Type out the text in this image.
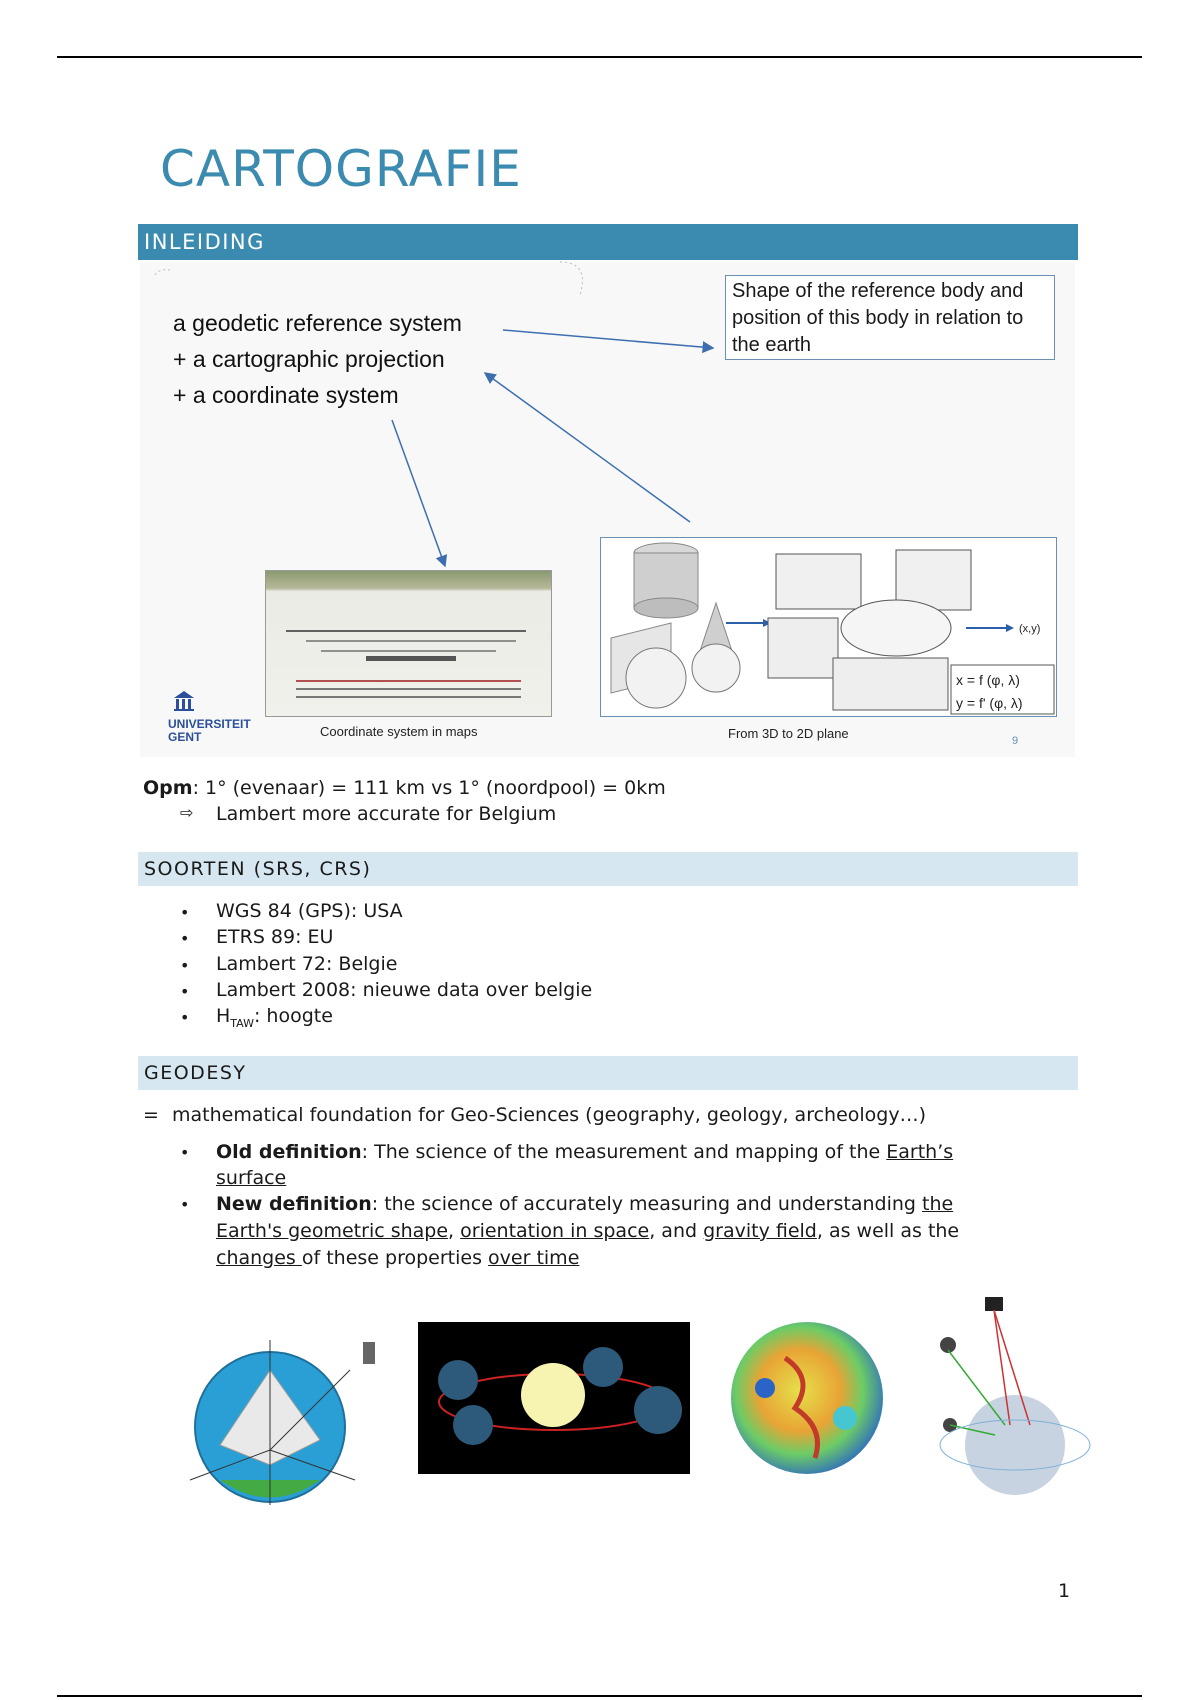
CARTOGRAFIE
INLEIDING
a geodetic reference system
+ a cartographic projection
+ a coordinate system
Shape of the reference body and position of this body in relation to the earth
(x,y)
x = f (φ, λ)
y = f' (φ, λ)
UNIVERSITEIT
GENT	Coordinate system in maps	From 3D to 2D plane	9
Opm: 1° (evenaar) = 111 km vs 1° (noordpool) = 0km
⇨ Lambert more accurate for Belgium
SOORTEN (SRS, CRS)
• WGS 84 (GPS): USA
• ETRS 89: EU
• Lambert 72: Belgie
• Lambert 2008: nieuwe data over belgie
• $H_{TAW}$: hoogte
GEODESY
= mathematical foundation for Geo-Sciences (geography, geology, archeology…)
• Old definition: The science of the measurement and mapping of the Earth’s
surface
• New definition: the science of accurately measuring and understanding the
Earth's geometric shape, orientation in space, and gravity field, as well as the
changes of these properties over time
1
